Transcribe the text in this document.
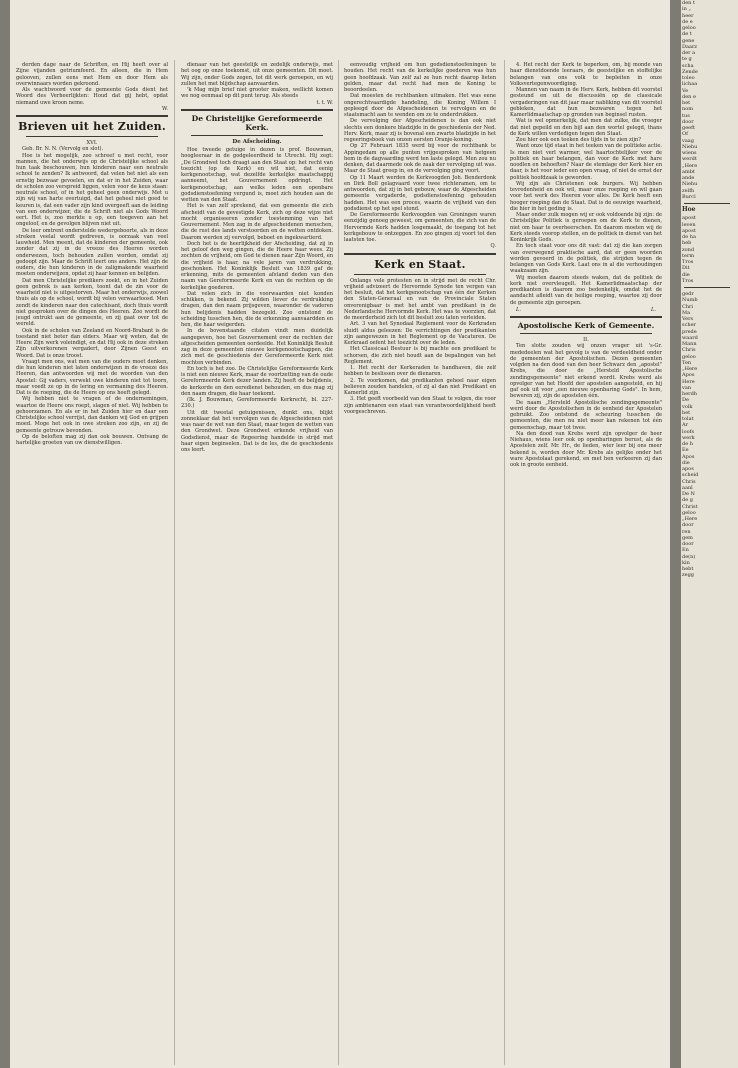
derden dage naar de Schriften, en Hij heeft over al Zijne vijanden getriumfeerd. En alleen, die in Hem gelooven, zullen eens met Hem en door Hem als overwinnaars worden gekroond.

Als wachtwoord voor de gemeente Gods dient het Woord des Verheerlijkten: Houd dat gij hebt, opdat niemand uwe kroon neme.

W.

Brieven uit het Zuiden.

XVI.

Geb. Br. N. N. (Vervolg en slot).

Hoe is het mogelijk, zoo schreef u met recht, voor mannen, die het onderwijs op de Christelijke school als hun taak beschouwen, hun kinderen naar een neutrale school te zenden? Ik antwoord, dat velen het niet als een ernstig bezwaar gevoelen, en dat er in het Zuiden, waar de scholen zoo verspreid liggen, velen voor de keus staan: neutrale school, of in het geheel geen onderwijs. Met u zijn wij van harte overtuigd, dat het geheel niet goed te keuren is, dat een vader zijn kind overgeeft aan de leiding van een onderwijzer, die de Schrift niet als Gods Woord eert. Het is, zoo merkte u op, een toegeven aan het ongeloof, en de gevolgen blijven niet uit.

De leer omtrent onderstelde wedergeboorte, als in deze streken veelal wordt gedreven, is oorzaak van veel lauwheid. Men meent, dat de kinderen der gemeente, ook zonder dat zij in de vreeze des Heeren worden onderwezen, toch behouden zullen worden, omdat zij gedoopt zijn. Maar de Schrift leert ons anders. Het zijn de ouders, die hun kinderen in de zaligmakende waarheid moeten onderwijzen, opdat zij haar kennen en belijden.

Dat men Christelijke predikers zoekt, en in het Zuiden geen gebrek is aan kerken, toont dat de zin voor de waarheid niet is uitgestorven. Maar het onderwijs, zoowel thuis als op de school, wordt bij velen verwaarloosd. Men zendt de kinderen naar den catechisant, doch thuis wordt niet gesproken over de dingen des Heeren. Zoo wordt de jeugd ontrukt aan de gemeente, en zij gaat over tot de wereld.

Ook in de scholen van Zeeland en Noord-Brabant is de toestand niet beter dan elders. Maar wij weten, dat de Heere Zijn werk voleindigt, en dat Hij ook in deze streken Zijn uitverkorenen vergadert, door Zijnen Geest en Woord. Dat is onze troost.

Vraagt men ons, wat men van die ouders moet denken, die hun kinderen niet laten onderwijzen in de vreeze des Heeren, dan antwoorden wij met de woorden van den Apostel: Gij vaders, verwekt uwe kinderen niet tot toorn, maar voedt ze op in de lering en vermaning des Heeren. Dat is de roeping, die de Heere op ons heeft gelegd.

Wij hebben niet te vragen of de ondernemingen, waartoe de Heere ons roept, slagen of niet. Wij hebben te gehoorzamen. En als er in het Zuiden hier en daar een Christelijke school verrijst, dan danken wij God en grijpen moed. Moge het ook in uwe streken zoo zijn, en zij de gemeente getrouw bevonden.

Op de beloften mag zij dan ook bouwen. Ontvang de hartelijke groeten van uw dienstwilligen.

dienaar van het geestelijk en zedelijk onderwijs, met het oog op onze toekomst, uit onze gemeenten. Dit moet. Wij zijn, onder Gods zegen, tot dit werk geroepen, en wij zullen het met blijdschap aanvaarden.

'k Mag mijn brief niet grooter maken, wellicht komen we nog eenmaal op dit punt terug. Als steeds

t. t. W.

De Christelijke Gereformeerde Kerk.
De Afscheiding.

Hoe tweede getuige in dezen is prof. Bouwman, hoogleeraar in de godgeleerdheid te Utrecht. Hij zegt: „De Grondwet toch draagt aan den Staat op: het recht van toezicht (op de Kerk) en wil niet, dat eenig kerkgenootschap, wat dezelfde kerkelijke maatschappij aanneemt, het Gouvernement opdringt. Het kerkgenootschap, aan welks leden een openbare godsdienstoefening vergund is, moet zich houden aan de wetten van den Staat.

Het is van zelf sprekend, dat een gemeente die zich afscheidt van de gevestigde Kerk, zich op deze wijze niet mocht organiseeren zonder toestemming van het Gouvernement. Men zag in de afgescheidenen menschen, die de rust des lands verstoorden en de wetten ontdoken. Daarom werden zij vervolgd, beboet en ingekwartierd.

Doch het is de heerlijkheid der Afscheiding, dat zij in het geloof den weg gingen, die de Heere haar wees. Zij zochten de vrijheid, om God te dienen naar Zijn Woord, en die vrijheid is haar, na vele jaren van verdrukking, geschonken. Het Koninklijk Besluit van 1839 gaf de erkenning, mits de gemeenten afstand deden van den naam van Gereformeerde Kerk en van de rechten op de kerkelijke goederen.

Dat velen zich in die voorwaarden niet konden schikken, is bekend. Zij wilden liever de verdrukking dragen, dan den naam prijsgeven, waaronder de vaderen hun belijdenis hadden bezegeld. Zoo ontstond de scheiding tusschen hen, die de erkenning aanvaardden en hen, die haar weigerden.

In de bovenstaande citaten vindt men duidelijk aangegeven, hoe het Gouvernement over de rechten der afgescheiden gemeenten oordeelde. Het Koninklijk Besluit zag in deze gemeenten nieuwe kerkgenootschappen, die zich met de geschiedenis der Gereformeerde Kerk niet mochten verbinden.

En toch is het zoo. De Christelijke Gereformeerde Kerk is niet een nieuwe Kerk, maar de voortzetting van de oude Gereformeerde Kerk dezer landen. Zij heeft de belijdenis, de kerkorde en den eeredienst behouden, en dus mag zij den naam dragen, die haar toekomt.

(Ik. J. Bouwman, Gereformeerde Kerkrecht, bl. 227-230.)

Uit dit tweetal getuigenissen, dunkt ons, blijkt zonneklaar dat het vervolgen van de Afgescheidenen niet was naar de wet van den Staat, maar tegen de wetten van den Grondwet. Deze Grondwet erkende vrijheid van Godsdienst, maar de Regeering handelde in strijd met haar eigen beginselen. Dat is de les, die de geschiedenis ons leert.

eenvoudig vrijheid om hun godsdienstoefeningen te houden. Het recht van de kerkelijke goederen was hun geen hoofdzaak. Van zelf zal ze hun recht daarop lieten gelden, maar dat recht had men de Koning te beoordeelen.

Dat moesten de rechtbanken uitmaken. Het was eene ongerechtvaardigde handeling, die Koning Willem I gepleegd door de Afgescheidenen te vervolgen en de staatsmacht aan te wenden om ze te onderdrukken.

De vervolging der Afgescheidenen is dan ook niet slechts een donkere bladzijde in de geschiedenis der Ned. Herv. Kerk, maar zij is bovenal een zwarte bladzijde in het regeeringsboek van onzen eersten Oranje-koning.

Op 27 Februari 1835 werd bij voor de rechtbank te Appingedam op alle punten vrijgesproken van hetgeen hem in de dagvaarding werd ten laste gelegd. Men zou nu denken, dat daarmede ook de zaak der vervolging uit was. Maar de Staat greep in, en de vervolging ging voort.

Op 11 Maart werden de Kerkvoogden Joh. Benderdonk en Dirk Boll gelagvaard voor twee richteramen, om te antwoorden, dat zij in het gebouw, waar de Afgescheiden gemeente vergaderde, godsdienstoefening gehouden hadden. Het was een proces, waarin de vrijheid van den godsdienst op het spel stond.

De Gereformeerde Kerkvoogden van Groningen waren eenzijdig genoeg geweest, om gemeenten, die zich van de Hervormde Kerk hadden losgemaakt, de toegang tot het kerkgebouw te ontzeggen. En zoo gingen zij voort tot den laatsten toe.

Q.

Kerk en Staat.

Onlangs vele protesten en in strijd met de recht Chr. vrijheid advizeert de Hervormde Synode ten vergen van het besluit, dat het kerkgenootschap van één der Kerken den Staten-Generaal en van de Provinciale Staten onverenigbaar is met het ambt van predikant in de Nederlandsche Hervormde Kerk. Het was te voorzien, dat de meerderheid zich tot dit besluit zou laten verleiden.

Art. 3 van het Synodaal Reglement voor de Kerkraden sluidt aldus geleezen: De verrichtingen der predikanten zijn aangewezen in het Reglement op de Vacaturen. De Kerkraad oefent het toezicht over de leden.

Het Classicaal Bestuur is bij machte een predikant te schorsen, die zich niet houdt aan de bepalingen van het Reglement.

1. Het recht der Kerkeraden te handhaven, die zelf hebben te beslissen over de dienaren.

2. Te voorkomen, dat predikanten geheel naar eigen believen zouden handelen, of zij al dan niet Predikant en Kamerlid zijn.

3. Het geeft voorbeeld van den Staat te volgen, die voor zijn ambtenaren een staat van verantwoordelijkheid heeft voorgeschreven.

4. Het recht der Kerk te beperken, om, bij monde van haar dienstdoende leeraars, de geestelijke en stoffelijke belangen van ons volk te bepleiten in onze Volksvertegenwoordiging.

Mannen van naam in de Herv. Kerk, hebben dit voorstel gesteund en uit de discussiën op de classicale vergaderingen van dit jaar maar nabliking van dit voorstel gebleken, dat hun bezwaren tegen het Kamerlidmaatschap op gronden van beginsel rusten.

Wat is wel opmerkelijk, dat men dat zulke, die vroeger dat niet gepeild en den bijl aan den wortel gelegd, thans de Kerk willen verdedigen tegen den Staat.

Zou hier ook een teeken des tijds in te zien zijn?

Want onze tijd staat in het teeken van de politieke actie. Is men niet verl warmer, wel haartochtelijker voor de politiek en haar belangen, dan voor de Kerk met hare noodlen en behoeften? Naar de stemlage der Kerk hier en daar, is het voor ieder een open vraag, of niet de ernst der politiek hoofdzaak is geworden.

Wij zijn als Christenen ook burgers. Wij hebben tevredenheid en ook wil, maar onze roeping en wil gaan voor het werk des Heeren voor alles. De Kerk heeft een hooger roeping dan de Staat. Dat is de eeuwige waarheid, die hier in het geding is.

Maar onder zulk mogen wij er ook voldoende bij zijn: de Christelijke Politiek is geroepen om de Kerk te dienen, niet om haar te overheerschen. En daarom moeten wij de Kerk steeds voorop stellen, en de politiek in dienst van het Koninkrijk Gods.

En toch staat voor ons dit vast: dat zij die kan zorgen van overwegend praktische aard, dat er geen woorden worden gevoerd in de politiek, die strijden tegen de belangen van Gods Kerk. Laat ons in al die verhoudingen waakzaam zijn.

Wij moeten daarom steeds waken, dat de politiek de kerk niet overvleugelt. Het Kamerlidmaatschap der predikanten is daarom zoo bedenkelijk, omdat het de aandacht afleidt van de heilige roeping, waartoe zij door de gemeente zijn geroepen.

L.	L.
Apostolische Kerk of Gemeente.

II.

Ten slotte zouden wij onzen vrager uit 's-Gr. mededeelen wat het gevolg is van de verdeeldheid onder de gemeenten der Apostolischen. Dezen gemeenten volgden na den dood van den heer Schwarz den „apostel" Krebs, die door de „Hersteld Apostolische zendingsgemeente" niet erkend wordt. Krebs werd als opvolger van het Hoofd der apostelen aangesteld, en hij gaf ook uit voor „een nieuwe openbaring Gods". In hem, beweren zij, zijn de apostelen één.

De naam „Hersteld Apostolische zendingsgemeente" werd door de Apostolischen in de eenheid der Apostelen gebruikt. Zoo ontstond de scheuring tusschen de gemeenten, die men nu niet meer kan rekenen tot één gemeenschap, maar tot twee.

Na den dood van Krebs werd zijn opvolger de heer Niehaus, wiens leer ook op openbaringen berust, als de Apostelen zelf. Mr. Hr., de lieden, wier leer bij ons meer bekend is, worden door Mr. Krebs als gelijke onder het ware Apostolaat gerekend, en met hen verkeeren zij dan ook in groote eenheid.

den t
in „
heer
de e
geloo
de t
gene
Daarz
der a
te g
scha
Zende
toleo
lichaa
Ve
den e
het
nom
tus
door
geeft
Of
vaag
Niehu
wiens
werdt
„Here
ambt
ande
Niehu
zelfh
Burcl
Hoe
apost
leven
apost
de ha
heb
zond
term
Tros
Dit
die
Tros
gedr
Numb
Chri
Ma
Vers
scher
prede
waard
Mann
Chris
geloo
Ten
„Here
Apos
Here
van
herdh
De
volk
bet
tolat
Ar
loofs
werk
de h
Ee
Apos
die
apos
scheid
Chris
aanl
De N
de g
Christ
geloo
„Here
door
ren
gem
door
En
de(n)
kin
hebt
zegg
